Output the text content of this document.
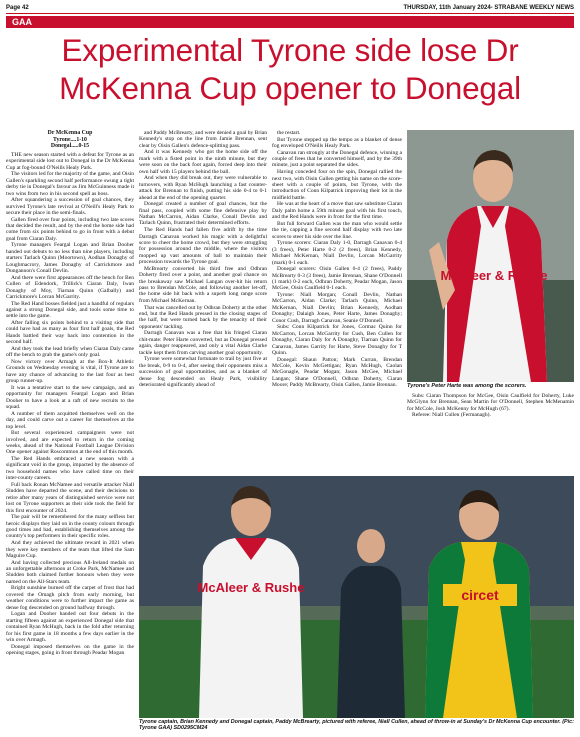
Page 42	THURSDAY, 11th January 2024- STRABANE WEEKLY NEWS
GAA
Experimental Tyrone side lose Dr McKenna Cup opener to Donegal
Dr McKenna Cup
Tyrone....1-10
Donegal.....0-15

THE new season started with a defeat for Tyrone as an experimental side lost out to Donegal in the Dr McKenna Cup at fog-bound O'Neills Healy Park.

The visitors led for the majority of the game, and Oisin Gallen's sparkling second half performance swung a tight derby tie in Donegal's favour as Jim McGuinness made it two wins from two in his second spell as boss.

After squandering a succession of goal chances, they survived Tyrone's late revival at O'Neill's Healy Park to secure their place in the semi-finals.

Gallen fired over four points, including two late scores that decided the result, and by the end the home side had come from six points behind to go in front with a debut goal from Ciaran Daly.

Tyrone managers Feargal Logan and Brian Dooher handed out debuts to no less than nine players, including starters Tarlach Quinn (Moortown), Aodhan Donaghy of Loughmacrory, James Donaghy of Carrickmore and Dungannon's Conall Devlin.

And there were first appearances off the bench for Ben Cullen of Edendork, Trillick's Ciaran Daly, Iwan Donaghy of Moy, Tiarnan Quinn (Galbally) and Carrickmore's Lorcan McGarrity.

The Red Hand bosses fielded just a handful of regulars against a strong Donegal side, and tools some time to settle into the game.

After falling six points behind to a visiting side that could have had as many as four first half goals, the Red Hands battled their way back into contention in the second half.

And they took the lead briefly when Ciaran Daly came off the bench to grab the game's only goal.

Now victory over Armagh at the Box-It Athletic Grounds on Wednesday evening is vital, if Tyrone are to have any chance of advancing to the last four as best group runner-up.

It was a tentative start to the new campaign, and an opportunity for managers Feargal Logan and Brian Dooher to have a look at a raft of new recruits to the squad.

A number of them acquitted themselves well on the day, and could carve out a career for themselves at the top level.

But several experienced campaigners were not involved, and are expected to return in the coming weeks, ahead of the National Football League Division One opener against Roscommon at the end of this month.

The Red Hands embraced a new season with a significant void in the group, impacted by the absence of two household names who have called time on their inter-county careers.

Full back Ronan McNamee and versatile attacker Niall Sludden have departed the scene, and their decisions to retire after many years of distinguished service were not lost on Tyrone supporters as their side took the field for this first encounter of 2024.

The pair will be remembered for the many selfless but heroic displays they laid on in the county colours through good times and bad, establishing themselves among the country's top performers in their specific roles.

And they achieved the ultimate reward in 2021 when they were key members of the team that lifted the Sam Maguire Cup.

And having collected precious All-Ireland medals on an unforgettable afternoon at Croke Park, McNamee and Sludden both claimed further honours when they were named on the All-Stars team.

Bright sunshine burned off the carpet of frost that had covered the Omagh pitch from early morning, but weather conditions were to further impact the game as dense fog descended on ground halfway through.

Logan and Dooher handed out four debuts in the starting fifteen against an experienced Donegal side that contained Ryan McHugh, back in the fold after returning for his first game in 18 months a few days earlier in the win over Armagh.

Donegal imposed themselves on the game in the opening stages, going in front through Peadar Mogan

and Paddy McBrearty, and were denied a goal by Brian Kennedy's stop on the line from Jamie Brennan, sent clear by Oisin Gallen's defence-splitting pass.

And it was Kennedy who got the home side off the mark with a fisted point in the ninth minute, but they were soon on the back foot again, forced deep into their own half with 15 players behind the ball.

And when they did break out, they were vulnerable to turnovers, with Ryan McHugh launching a fast counter-attack for Brennan to finish, putting his side 0-4 to 0-1 ahead at the end of the opening quarter.

Donegal created a number of goal chances, but the final pass, coupled with some fine defensive play by Nathan McCarron, Aidan Clarke, Conall Devlin and Tarlach Quinn, frustrated their determined efforts.

The Red Hands had fallen five adrift by the time Darragh Canavan worked his magic with a delightful score to cheer the home crowd, but they were struggling for possession around the middle, where the visitors mopped up vast amounts of ball to maintain their procession towards the Tyrone goal.

McBrearty converted his third free and Odhran Doherty fired over a point, and another goal chance on the breakaway saw Michael Langan over-hit his return pass to Brendan McCole, and following another let-off, the home side hit back with a superb long range score from Michael McKernan.

That was cancelled out by Odhran Doherty at the other end, but the Red Hands pressed in the closing stages of the half, but were turned back by the tenacity of their opponents' tackling.

Darragh Canavan was a free that his fringed Ciaran chit-mate: Peter Harte converted, but as Donegal pressed again, danger reappeared, and only a vital Aidan Clarke tackle kept them from carving another goal opportunity.

Tyrone were somewhat fortunate to trail by just five at the break, 0-9 to 0-4, after seeing their opponents miss a succession of goal opportunities, and as a blanket of dense fog descended on Healy Park, visibility deteriorated significantly ahead of

the restart.

But Tyrone stepped up the tempo as a blanket of dense fog enveloped O'Neills Healy Park.

Canavan ran strongly at the Donegal defence, winning a couple of frees that he converted himself, and by the 39th minute, just a point separated the sides.

Having conceded four on the spin, Donegal rallied the next two, with Oisin Gallen getting his name on the score-sheet with a couple of points, but Tyrone, with the introduction of Conn Kilpatrick improving their lot in the midfield battle.

He was at the heart of a move that saw substitute Ciaran Daly palm home a 59th minute goal with his first touch, and the Red Hands were in front for the first time.

But full forward Gallen was the man who would settle the tie, capping a fine second half display with two late scores to steer his side over the line.

Tyrone scorers: Ciaran Daly 1-0, Darragh Canavan 0-4 (3 frees), Peter Harte 0-2 (2 frees), Brian Kennedy, Michael McKernan, Niall Devlin, Lorcan McGarrity (mark) 0-1 each.

Donegal scorers: Oisin Gallen 0-4 (2 frees), Paddy McBrearty 0-3 (3 frees), Jamie Brennan, Shane O'Donnell (1 mark) 0-2 each, Odhran Doherty, Peadar Mogan, Jason McGee, Oisin Caulfield 0-1 each.

Tyrone: Niall Morgan; Conall Devlin, Nathan McCarron, Aidan Clarke; Tarlach Quinn, Michael McKernan, Niall Devlin; Brian Kennedy, Aodhan Donaghy; Dalaigh Jones, Peter Harte, James Donaghy; Conor Cush, Darragh Canavan, Seanie O'Donnell.

Subs: Conn Kilpatrick for Jones, Cormac Quinn for McCarron, Lorcan McGarrity for Cush, Ben Cullen for Donaghy, Ciaran Daly for A Donaghy, Tiarnan Quinn for Canavan, James Garrity for Harte, Steve Donaghy for T Quinn.

Donegal: Shaun Patton; Mark Curran, Brendan McCole, Kevin McGettigan; Ryan McHugh, Caolan McGonagle, Peadar Mogan; Jason McGee, Michael Langan; Shane O'Donnell, Odhran Doherty, Ciaran Moore; Paddy McBrearty, Oisin Gallen, Jamie Brennan.

McAleer & Rushe
Tyrone's Peter Harte was among the scorers.

Subs: Ciaran Thompson for McGee, Oisin Caulfield for Doherty, Luke McGlynn for Brennan, Sean Martin for O'Donnell, Stephen McMenamin for McCole, Josh McKenny for McHugh (67).

Referee: Niall Cullen (Fermanagh).

McAleer & Rushe	circet
Tyrone captain, Brian Kennedy and Donegal captain, Paddy McBrearty, pictured with referee, Niall Cullen, ahead of throw-in at Sunday's Dr McKenna Cup encounter. (Pic: Tyrone GAA) SD0295CM24
